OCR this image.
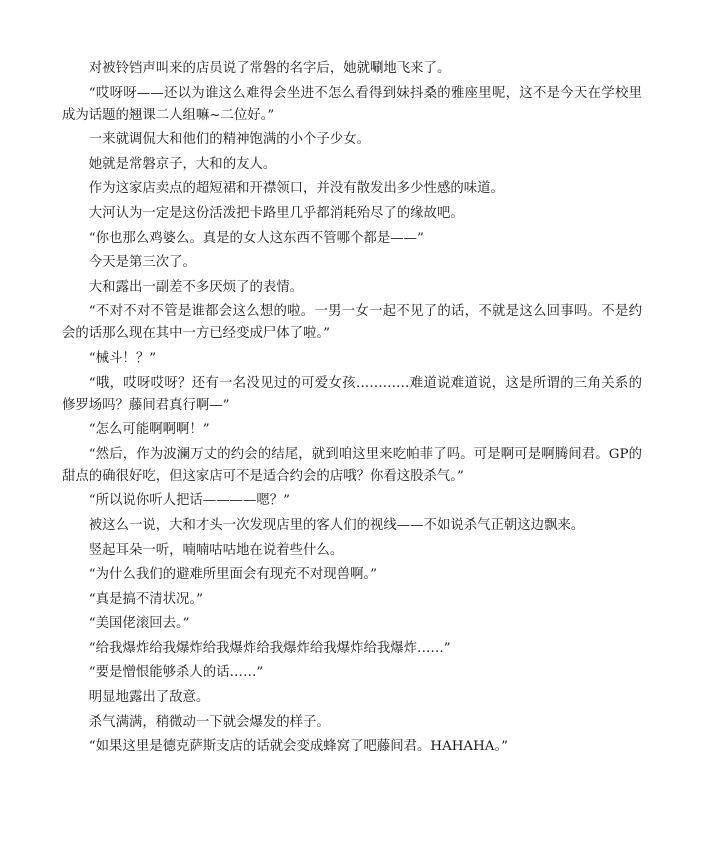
对被铃铛声叫来的店员说了常磐的名字后，她就唰地飞来了。

“哎呀呀——还以为谁这么难得会坐进不怎么看得到妹抖桑的雅座里呢，这不是今天在学校里成为话题的翘课二人组嘛~二位好。”

一来就调侃大和他们的精神饱满的小个子少女。

她就是常磐京子，大和的友人。

作为这家店卖点的超短裙和开襟领口，并没有散发出多少性感的味道。

大河认为一定是这份活泼把卡路里几乎都消耗殆尽了的缘故吧。

“你也那么鸡婆么。真是的女人这东西不管哪个都是——”

今天是第三次了。

大和露出一副差不多厌烦了的表情。

“不对不对不管是谁都会这么想的啦。一男一女一起不见了的话，不就是这么回事吗。不是约会的话那么现在其中一方已经变成尸体了啦。”

“械斗！？”

“哦，哎呀哎呀？还有一名没见过的可爱女孩…………难道说难道说，这是所谓的三角关系的修罗场吗？藤间君真行啊—”

“怎么可能啊啊啊！”

“然后，作为波澜万丈的约会的结尾，就到咱这里来吃帕菲了吗。可是啊可是啊腾间君。GP的甜点的确很好吃，但这家店可不是适合约会的店哦？你看这股杀气。”

“所以说你听人把话————嗯？”

被这么一说，大和才头一次发现店里的客人们的视线——不如说杀气正朝这边飘来。

竖起耳朵一听，喃喃咕咕地在说着些什么。

“为什么我们的避难所里面会有现充不对现兽啊。”

“真是搞不清状况。”

“美国佬滚回去。”

“给我爆炸给我爆炸给我爆炸给我爆炸给我爆炸给我爆炸……”

“要是憎恨能够杀人的话……”

明显地露出了敌意。

杀气满满，稍微动一下就会爆发的样子。

“如果这里是德克萨斯支店的话就会变成蜂窝了吧藤间君。HAHAHA。”
